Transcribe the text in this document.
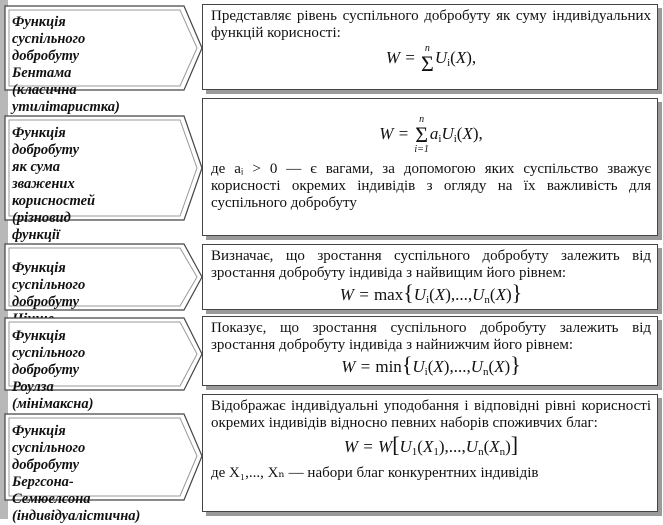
Функція суспільного
добробуту Бентама
(класична
утилітаристка)
Представляє рівень суспільного добробуту як суму індивідуальних функцій корисності:
W = n
Σ $U_i(X)$,
Функція добробуту
як сума зважених
корисностей
(різновид функції
W =
n
Σ
i=1
$a_iU_i(X)$,
де aᵢ > 0 — є вагами, за допомогою яких суспільство зважує корисності окремих індивідів з огляду на їх важливість для суспільного добробуту
Функція суспільного
добробуту
Визначає, що зростання суспільного добробуту залежить від зростання добробуту індивіда з найвищим його рівнем:
$W = \max\{U_i(X),...,U_n(X)\}$
Функція суспільного
добробуту Роулза
(мінімаксна)
Показує, що зростання суспільного добробуту залежить від зростання добробуту індивіда з найнижчим його рівнем:
$W = \min\{U_i(X),...,U_n(X)\}$
Функція суспільного
добробуту Бергсона-
Семюелсона
(індивідуалістична)
Відображає індивідуальні уподобання і відповідні рівні корисності окремих індивідів відносно певних наборів споживчих благ:
$W = W[U_1(X_1),...,U_n(X_n)]$
де X₁,..., Xₙ — набори благ конкурентних індивідів
